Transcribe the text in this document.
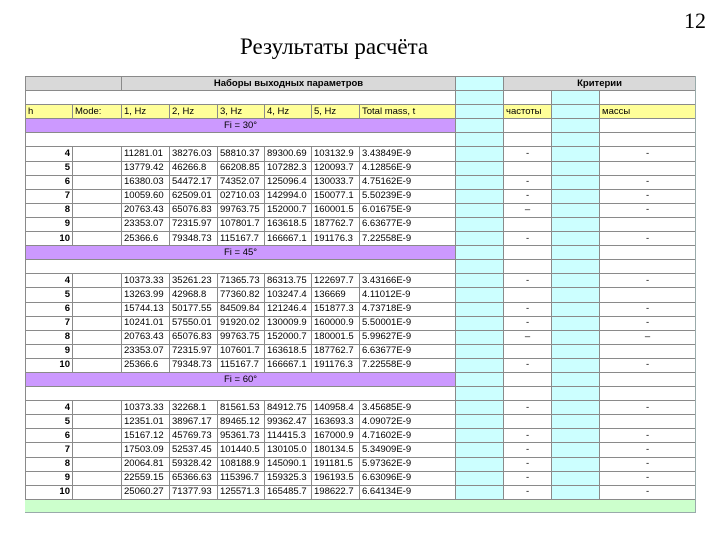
12
Результаты расчёта
		Наборы выходных параметров							Критерии		

h	Mode:	1, Hz	2, Hz	3, Hz	4, Hz	5, Hz	Total mass, t		частоты		массы
Fi = 30°											

4		11281.01	38276.03	58810.37	89300.69	103132.9	3.43849E-9		-		-
5		13779.42	46266.8	66208.85	107282.3	120093.7	4.12856E-9				
6		16380.03	54472.17	74352.07	125096.4	130033.7	4.75162E-9		-		-
7		10059.60	62509.01	02710.03	142994.0	150077.1	5.50239E-9		-		-
8		20763.43	65076.83	99763.75	152000.7	160001.5	6.01675E-9		–		-
9		23353.07	72315.97	107801.7	163618.5	187762.7	6.63677E-9				
10		25366.6	79348.73	115167.7	166667.1	191176.3	7.22558E-9		-		-
Fi = 45°											

4		10373.33	35261.23	71365.73	86313.75	122697.7	3.43166E-9		-		-
5		13263.99	42968.8	77360.82	103247.4	136669	4.11012E-9				
6		15744.13	50177.55	84509.84	121246.4	151877.3	4.73718E-9		-		-
7		10241.01	57550.01	91920.02	130009.9	160000.9	5.50001E-9		-		-
8		20763.43	65076.83	99763.75	152000.7	180001.5	5.99627E-9		–		–
9		23353.07	72315.97	107601.7	163618.5	187762.7	6.63677E-9				
10		25366.6	79348.73	115167.7	166667.1	191176.3	7.22558E-9		-		-
Fi = 60°											

4		10373.33	32268.1	81561.53	84912.75	140958.4	3.45685E-9		-		-
5		12351.01	38967.17	89465.12	99362.47	163693.3	4.09072E-9				
6		15167.12	45769.73	95361.73	114415.3	167000.9	4.71602E-9		-		-
7		17503.09	52537.45	101440.5	130105.0	180134.5	5.34909E-9		-		-
8		20064.81	59328.42	108188.9	145090.1	191181.5	5.97362E-9		-		-
9		22559.15	65366.63	115396.7	159325.3	196193.5	6.63096E-9		-		-
10		25060.27	71377.93	125571.3	165485.7	198622.7	6.64134E-9		-		-
